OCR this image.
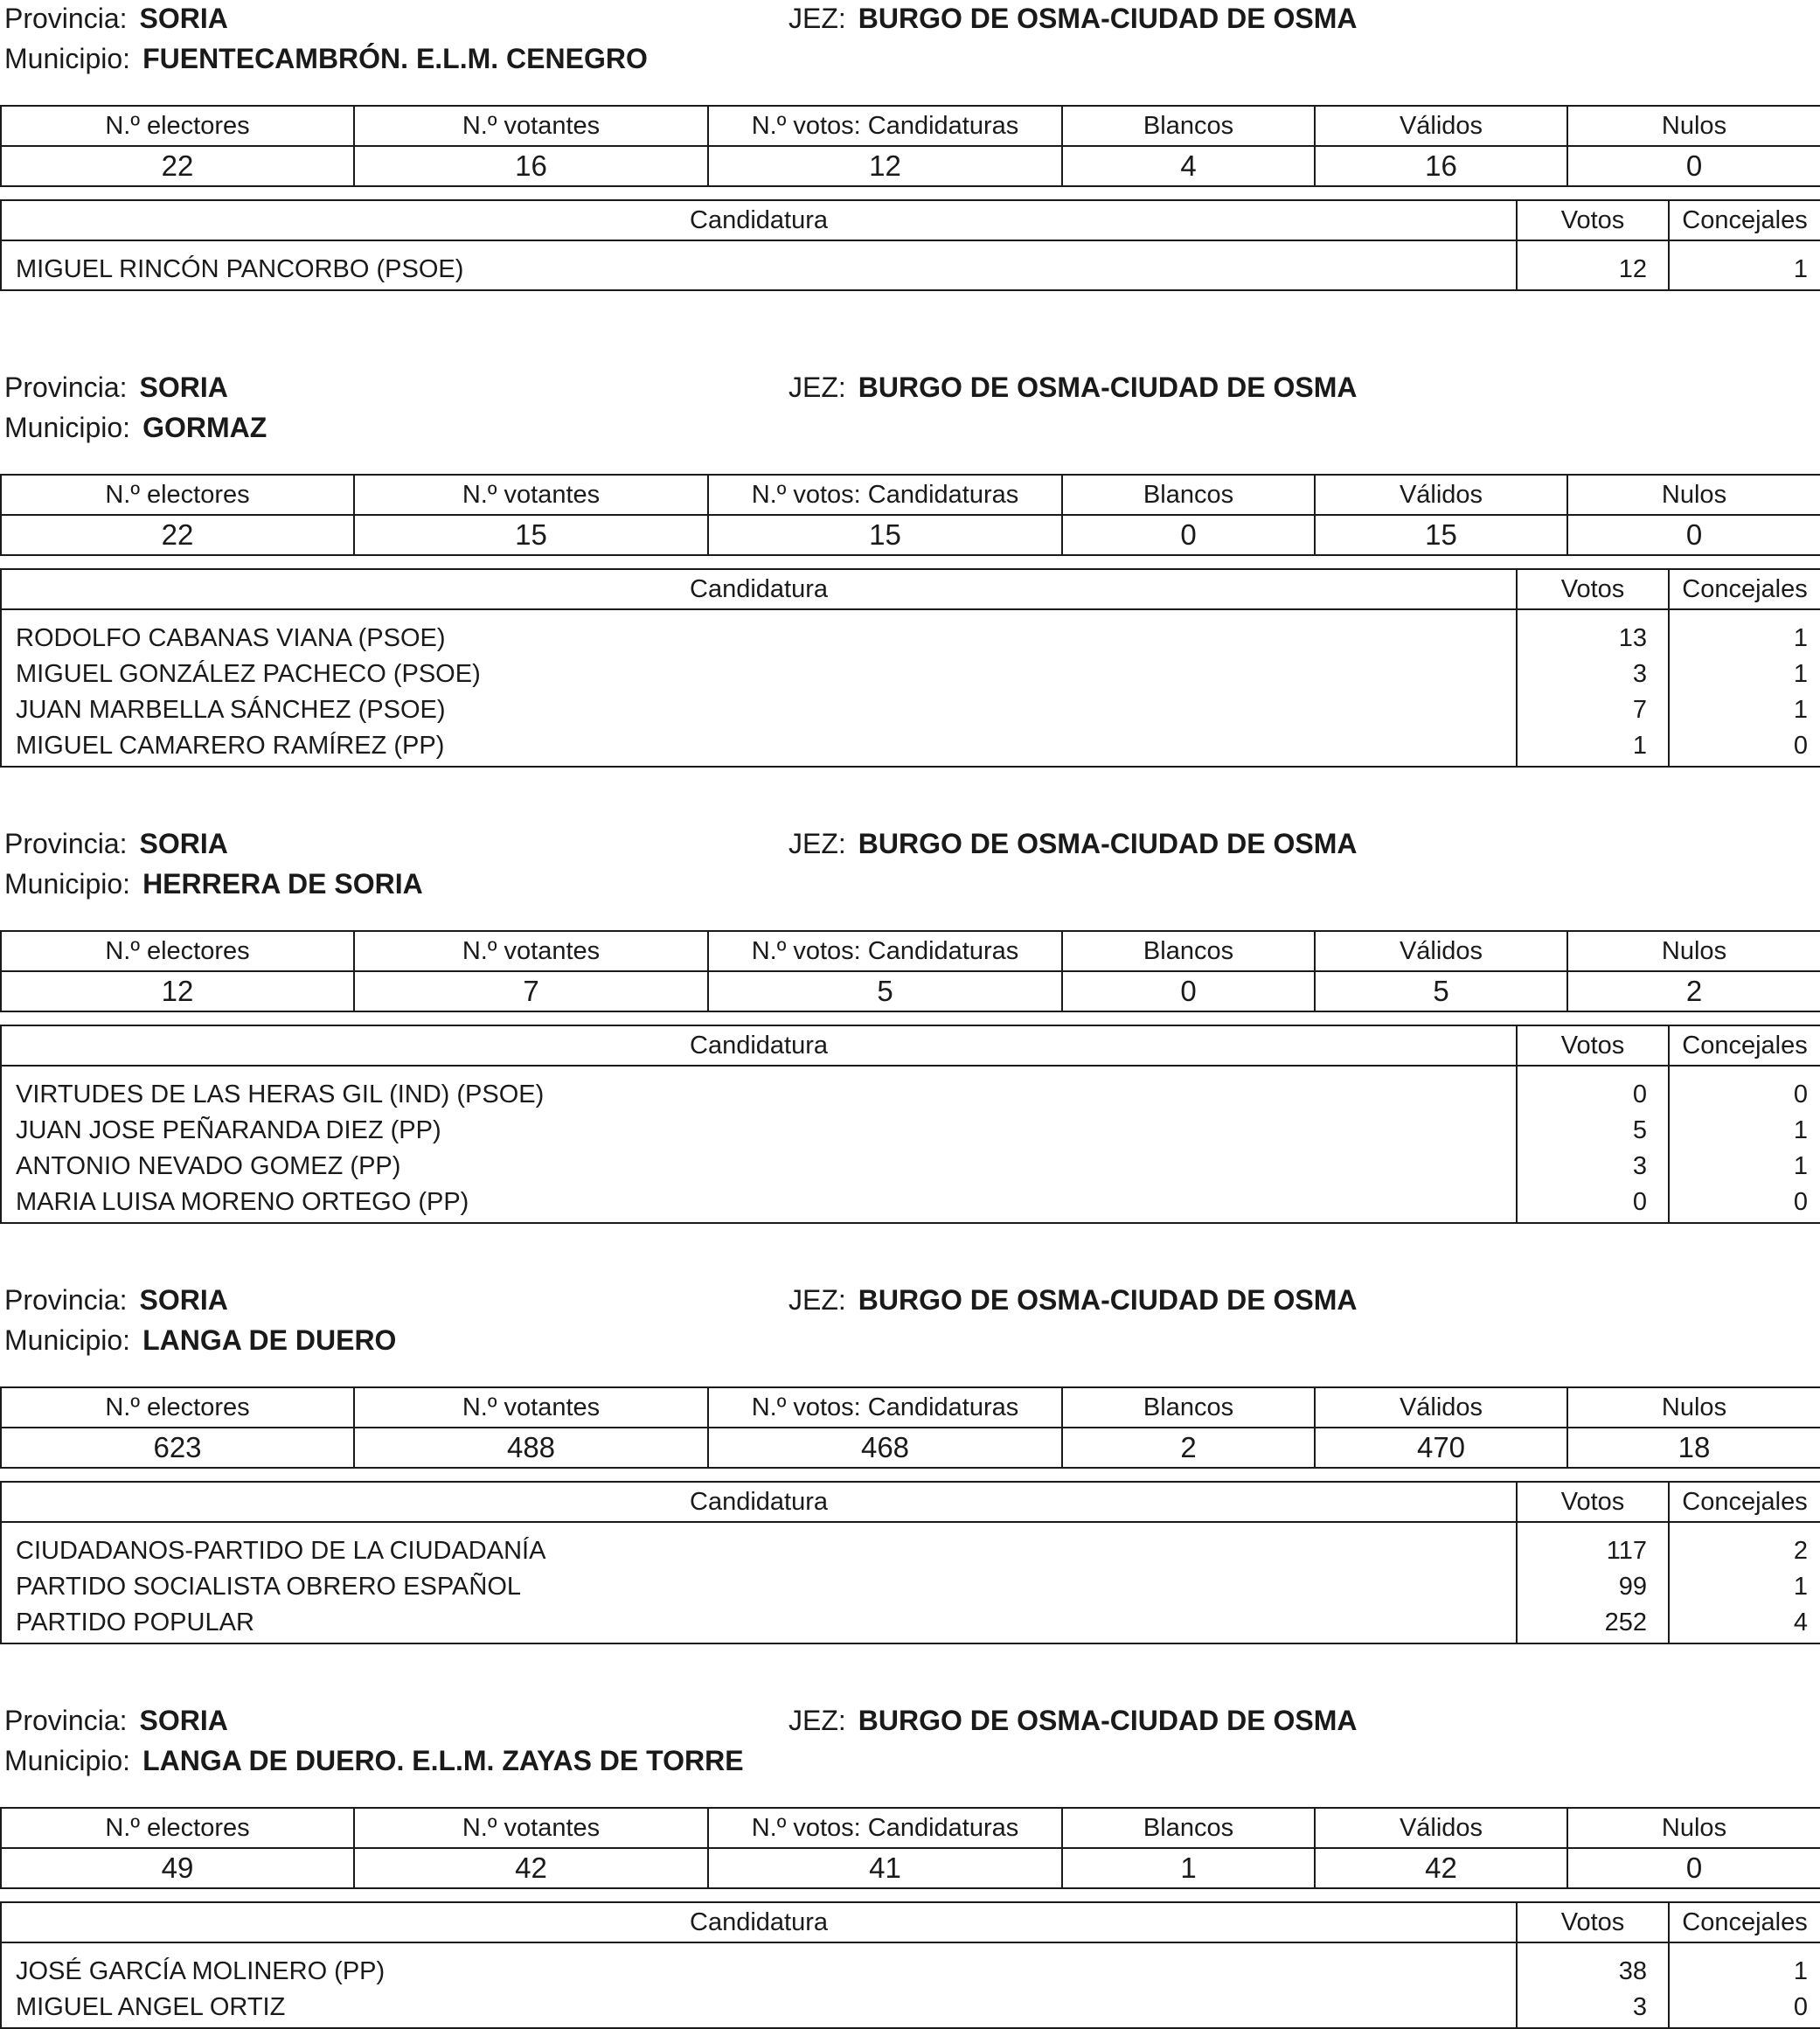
Provincia: SORIA	JEZ: BURGO DE OSMA-CIUDAD DE OSMA
Municipio: FUENTECAMBRÓN. E.L.M. CENEGRO
N.º electores	N.º votantes	N.º votos: Candidaturas	Blancos	Válidos	Nulos
22	16	12	4	16	0
Candidatura	Votos	Concejales
MIGUEL RINCÓN PANCORBO (PSOE)	12	1
Provincia: SORIA	JEZ: BURGO DE OSMA-CIUDAD DE OSMA
Municipio: GORMAZ
N.º electores	N.º votantes	N.º votos: Candidaturas	Blancos	Válidos	Nulos
22	15	15	0	15	0
Candidatura	Votos	Concejales
RODOLFO CABANAS VIANA (PSOE)	13	1
MIGUEL GONZÁLEZ PACHECO (PSOE)	3	1
JUAN MARBELLA SÁNCHEZ (PSOE)	7	1
MIGUEL CAMARERO RAMÍREZ (PP)	1	0
Provincia: SORIA	JEZ: BURGO DE OSMA-CIUDAD DE OSMA
Municipio: HERRERA DE SORIA
N.º electores	N.º votantes	N.º votos: Candidaturas	Blancos	Válidos	Nulos
12	7	5	0	5	2
Candidatura	Votos	Concejales
VIRTUDES DE LAS HERAS GIL (IND) (PSOE)	0	0
JUAN JOSE PEÑARANDA DIEZ (PP)	5	1
ANTONIO NEVADO GOMEZ (PP)	3	1
MARIA LUISA MORENO ORTEGO (PP)	0	0
Provincia: SORIA	JEZ: BURGO DE OSMA-CIUDAD DE OSMA
Municipio: LANGA DE DUERO
N.º electores	N.º votantes	N.º votos: Candidaturas	Blancos	Válidos	Nulos
623	488	468	2	470	18
Candidatura	Votos	Concejales
CIUDADANOS-PARTIDO DE LA CIUDADANÍA	117	2
PARTIDO SOCIALISTA OBRERO ESPAÑOL	99	1
PARTIDO POPULAR	252	4
Provincia: SORIA	JEZ: BURGO DE OSMA-CIUDAD DE OSMA
Municipio: LANGA DE DUERO. E.L.M. ZAYAS DE TORRE
N.º electores	N.º votantes	N.º votos: Candidaturas	Blancos	Válidos	Nulos
49	42	41	1	42	0
Candidatura	Votos	Concejales
JOSÉ GARCÍA MOLINERO (PP)	38	1
MIGUEL ANGEL ORTIZ	3	0
